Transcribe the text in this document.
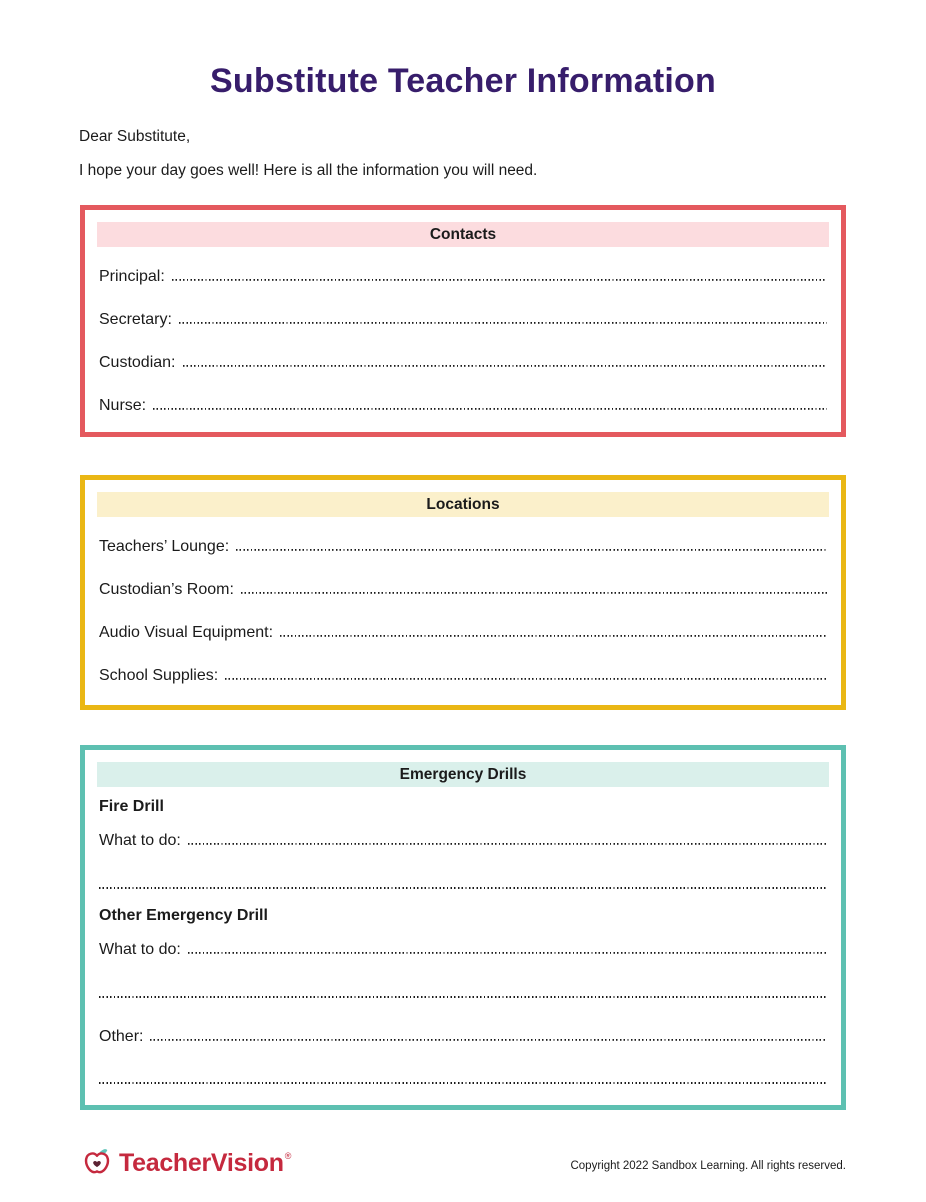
Substitute Teacher Information
Dear Substitute,
I hope your day goes well! Here is all the information you will need.
Contacts
Principal:
Secretary:
Custodian:
Nurse:
Locations
Teachers’ Lounge:
Custodian’s Room:
Audio Visual Equipment:
School Supplies:
Emergency Drills
Fire Drill
What to do:
Other Emergency Drill
What to do:
Other:
TeacherVision ®
Copyright 2022 Sandbox Learning. All rights reserved.
